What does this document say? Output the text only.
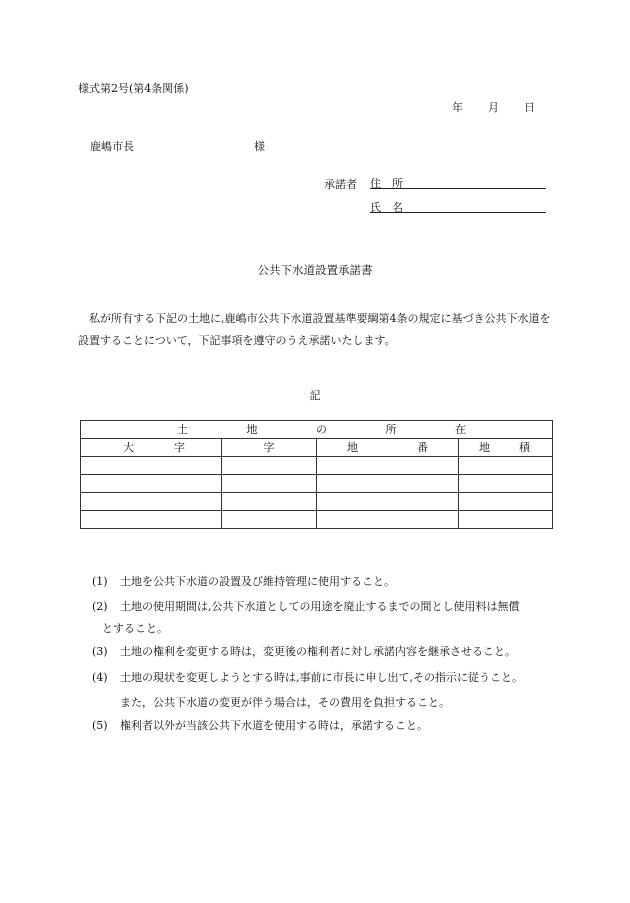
様式第2号(第4条関係)
年 月 日
鹿嶋市長	様
承諾者 住　所
氏　名
公共下水道設置承諾書
私が所有する下記の土地に,鹿嶋市公共下水道設置基準要綱第4条の規定に基づき公共下水道を設置することについて，下記事項を遵守のうえ承諾いたします。
記
土 地 の 所 在			

大 字	字	地 番	地 積

(1) 土地を公共下水道の設置及び維持管理に使用すること。
(2) 土地の使用期間は,公共下水道としての用途を廃止するまでの間とし使用料は無償
とすること。
(3) 土地の権利を変更する時は，変更後の権利者に対し承諾内容を継承させること。
(4) 土地の現状を変更しようとする時は,事前に市長に申し出て,その指示に従うこと。
また，公共下水道の変更が伴う場合は，その費用を負担すること。
(5) 権利者以外が当該公共下水道を使用する時は，承諾すること。
